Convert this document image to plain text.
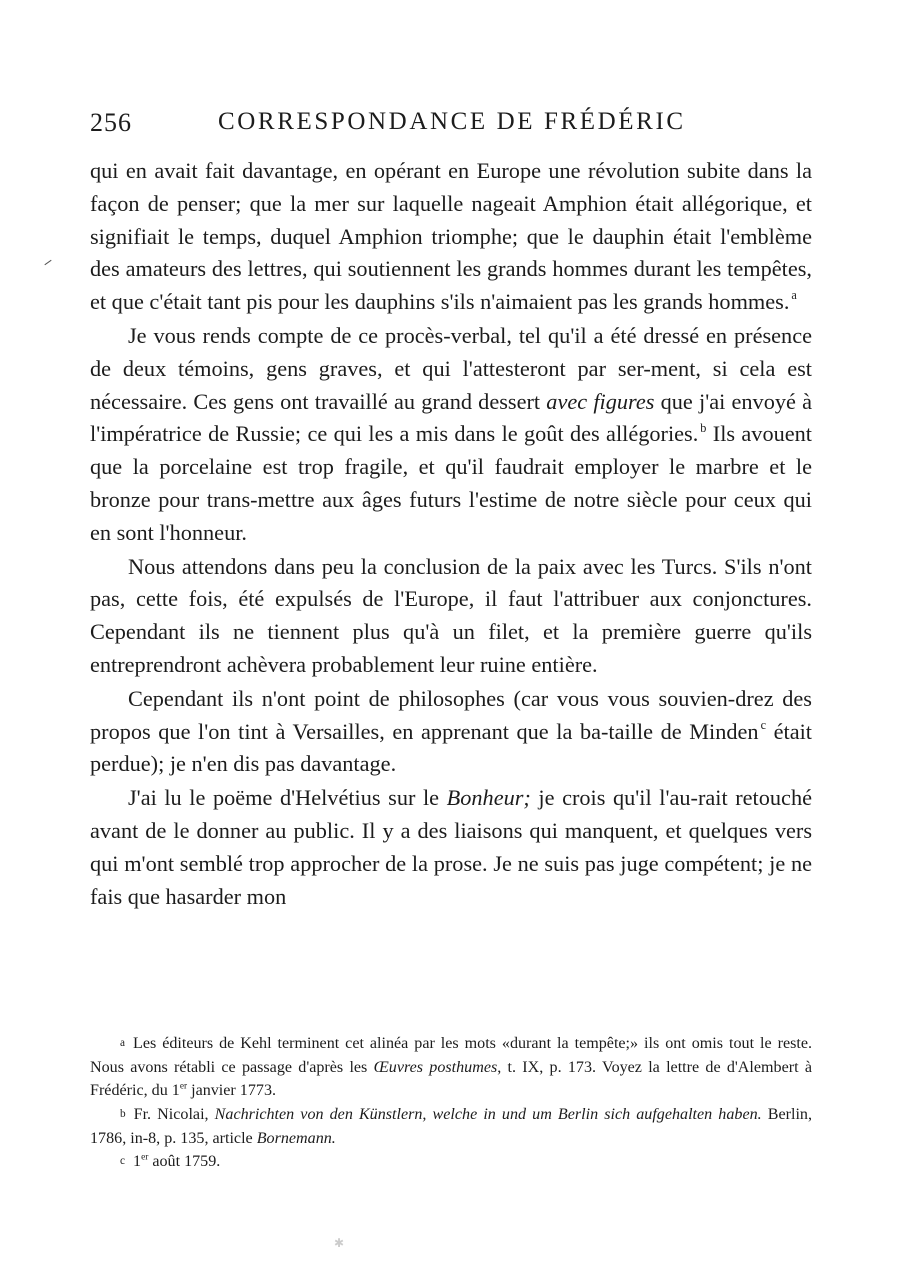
256	CORRESPONDANCE DE FRÉDÉRIC

qui en avait fait davantage, en opérant en Europe une révolution subite dans la façon de penser; que la mer sur laquelle nageait Amphion était allégorique, et signifiait le temps, duquel Amphion triomphe; que le dauphin était l'emblème des amateurs des lettres, qui soutiennent les grands hommes durant les tempêtes, et que c'était tant pis pour les dauphins s'ils n'aimaient pas les grands hommes. $^a$

Je vous rends compte de ce procès-verbal, tel qu'il a été dressé en présence de deux témoins, gens graves, et qui l'attesteront par ser-ment, si cela est nécessaire. Ces gens ont travaillé au grand dessert avec figures que j'ai envoyé à l'impératrice de Russie; ce qui les a mis dans le goût des allégories. $^b$ Ils avouent que la porcelaine est trop fragile, et qu'il faudrait employer le marbre et le bronze pour trans-mettre aux âges futurs l'estime de notre siècle pour ceux qui en sont l'honneur.

Nous attendons dans peu la conclusion de la paix avec les Turcs. S'ils n'ont pas, cette fois, été expulsés de l'Europe, il faut l'attribuer aux conjonctures. Cependant ils ne tiennent plus qu'à un filet, et la première guerre qu'ils entreprendront achèvera probablement leur ruine entière.

Cependant ils n'ont point de philosophes (car vous vous souvien-drez des propos que l'on tint à Versailles, en apprenant que la ba-taille de Minden $^c$ était perdue); je n'en dis pas davantage.

J'ai lu le poëme d'Helvétius sur le Bonheur; je crois qu'il l'au-rait retouché avant de le donner au public. Il y a des liaisons qui manquent, et quelques vers qui m'ont semblé trop approcher de la prose. Je ne suis pas juge compétent; je ne fais que hasarder mon

a Les éditeurs de Kehl terminent cet alinéa par les mots «durant la tempête;» ils ont omis tout le reste. Nous avons rétabli ce passage d'après les Œuvres posthumes, t. IX, p. 173. Voyez la lettre de d'Alembert à Frédéric, du 1er janvier 1773.

b Fr. Nicolai, Nachrichten von den Künstlern, welche in und um Berlin sich aufgehalten haben. Berlin, 1786, in-8, p. 135, article Bornemann.

c 1er août 1759.

✱
